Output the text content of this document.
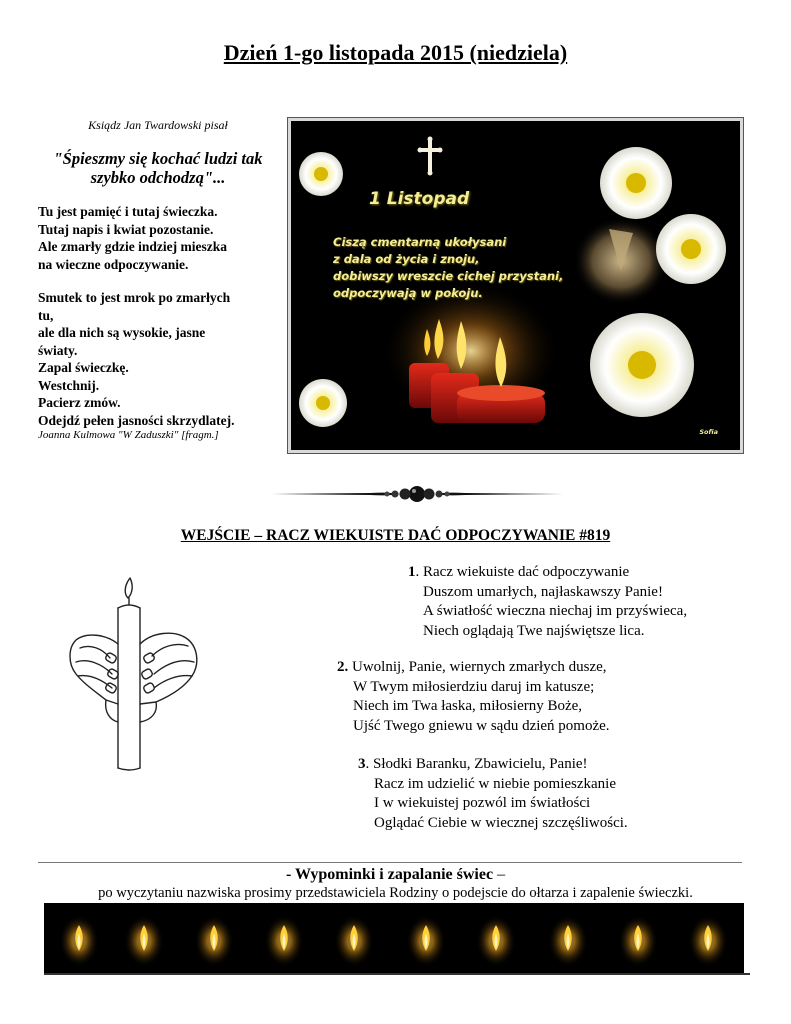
Dzień 1-go listopada 2015 (niedziela)
Ksiądz Jan Twardowski pisał
"Śpieszmy się kochać ludzi tak szybko odchodzą"...

Tu jest pamięć i tutaj świeczka.

Tutaj napis i kwiat pozostanie.

Ale zmarły gdzie indziej mieszka

na wieczne odpoczywanie.

Smutek to jest mrok po zmarłych

tu,

ale dla nich są wysokie, jasne

światy.

Zapal świeczkę.

Westchnij.

Pacierz zmów.

Odejdź pełen jasności skrzydlatej.

Joanna Kulmowa "W Zaduszki" [fragm.]
1 Listopad

Ciszą cmentarną ukołysani

z dala od życia i znoju,

dobiwszy wreszcie cichej przystani,

odpoczywają w pokoju.

Sofia
WEJŚCIE – RACZ WIEKUISTE DAĆ ODPOCZYWANIE #819

1. Racz wiekuiste dać odpoczywanie

Duszom umarłych, najłaskawszy Panie!

A światłość wieczna niechaj im przyświeca,

Niech oglądają Twe najświętsze lica.

2. Uwolnij, Panie, wiernych zmarłych dusze,

W Twym miłosierdziu daruj im katusze;

Niech im Twa łaska, miłosierny Boże,

Ujść Twego gniewu w sądu dzień pomoże.

3. Słodki Baranku, Zbawicielu, Panie!

Racz im udzielić w niebie pomieszkanie

I w wiekuistej pozwól im światłości

Oglądać Ciebie w wiecznej szczęśliwości.

- Wypominki i zapalanie świec –
po wyczytaniu nazwiska prosimy przedstawiciela Rodziny o podejscie do ołtarza i zapalenie świeczki.
